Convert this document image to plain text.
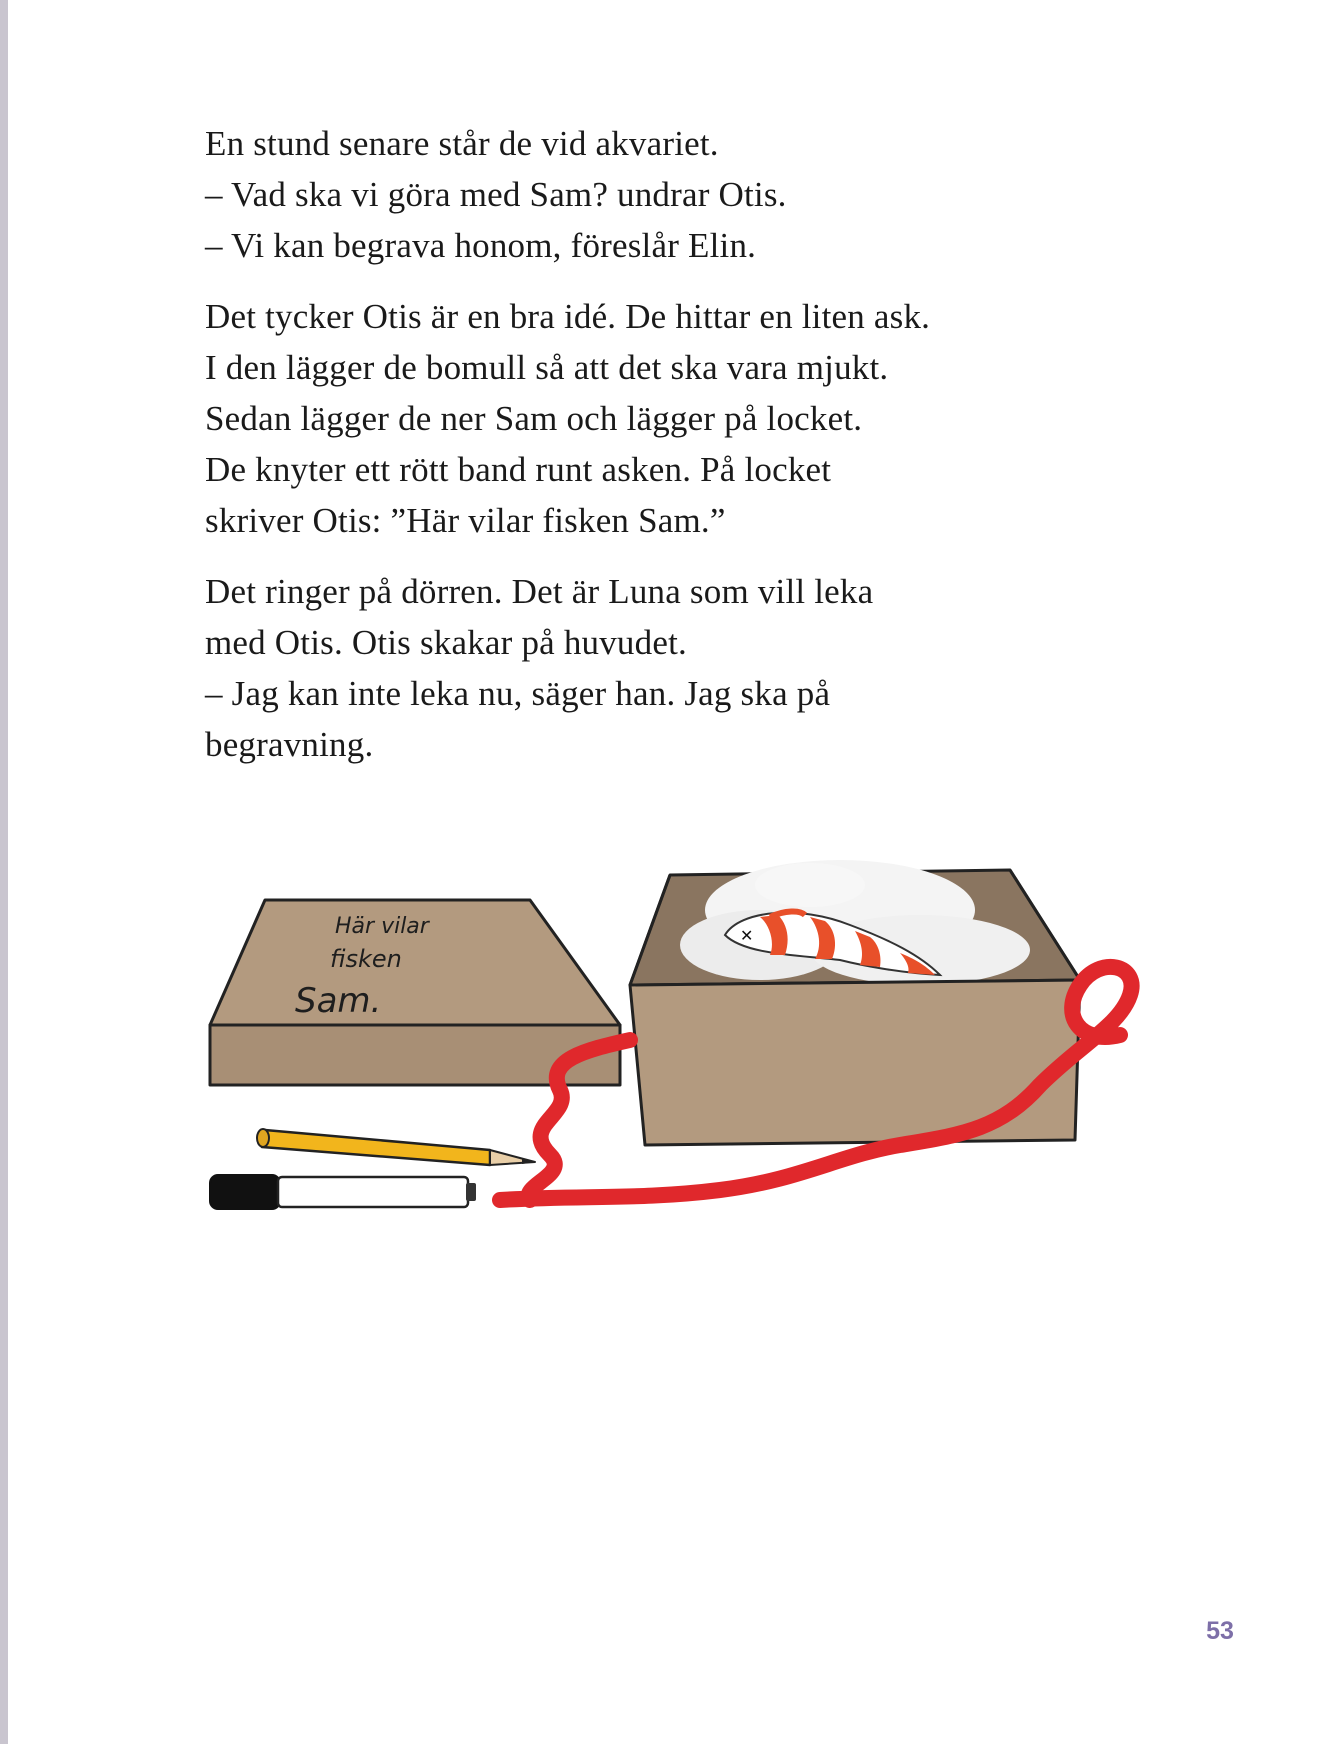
En stund senare står de vid akvariet.
– Vad ska vi göra med Sam? undrar Otis.
– Vi kan begrava honom, föreslår Elin.

Det tycker Otis är en bra idé. De hittar en liten ask.
I den lägger de bomull så att det ska vara mjukt.
Sedan lägger de ner Sam och lägger på locket.
De knyter ett rött band runt asken. På locket
skriver Otis: ”Här vilar fisken Sam.”

Det ringer på dörren. Det är Luna som vill leka
med Otis. Otis skakar på huvudet.
– Jag kan inte leka nu, säger han. Jag ska på
begravning.

Här vilar
fisken
Sam.
✕
53
